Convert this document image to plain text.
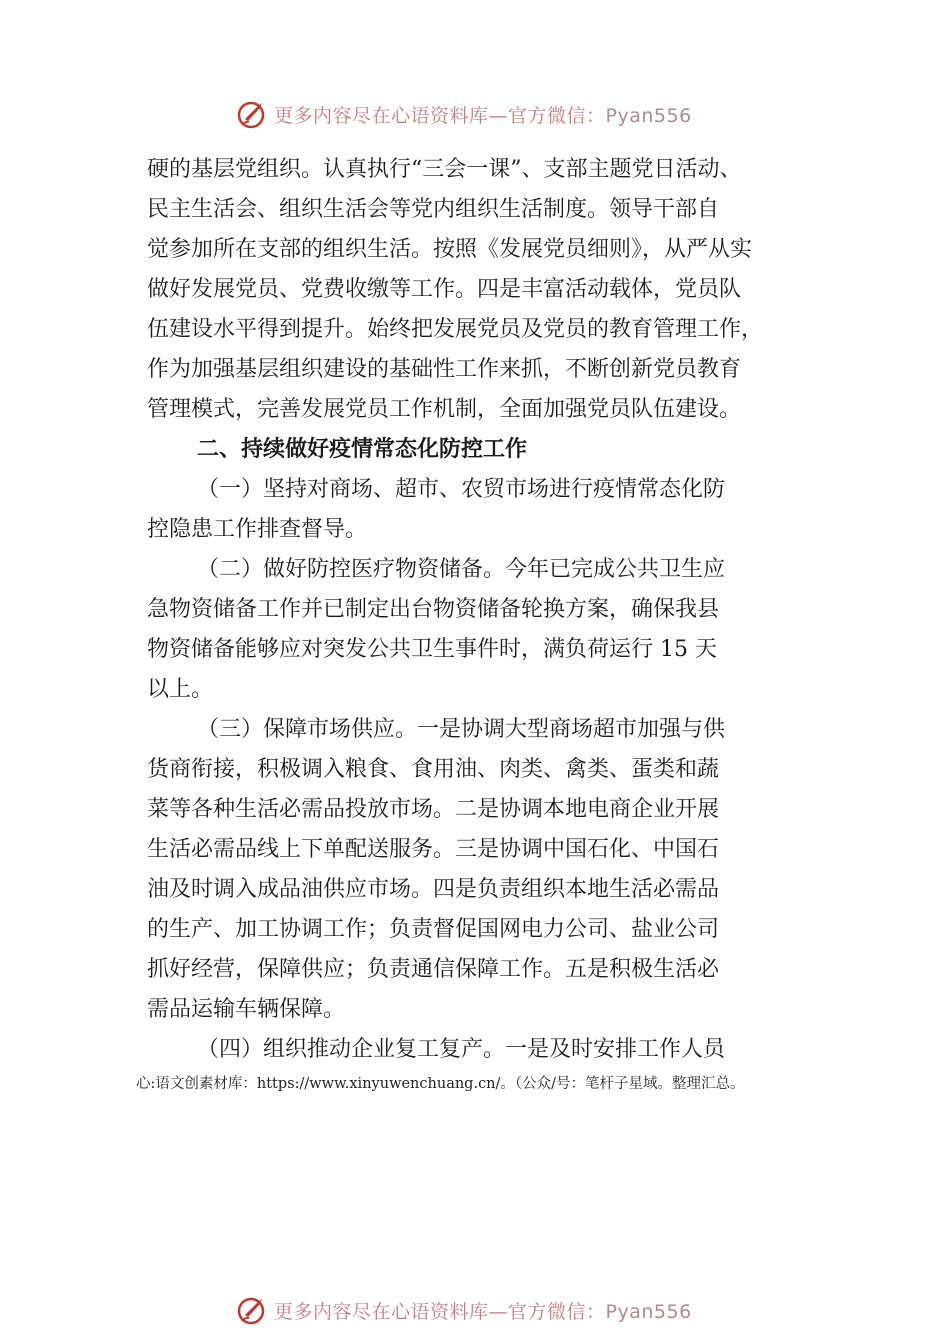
更多内容尽在心语资料库—官方微信：Pyan556
硬的基层党组织。认真执行“三会一课”、支部主题党日活动、
民主生活会、组织生活会等党内组织生活制度。领导干部自
觉参加所在支部的组织生活。按照《发展党员细则》，从严从实
做好发展党员、党费收缴等工作。四是丰富活动载体，党员队
伍建设水平得到提升。始终把发展党员及党员的教育管理工作，
作为加强基层组织建设的基础性工作来抓，不断创新党员教育
管理模式，完善发展党员工作机制，全面加强党员队伍建设。
二、持续做好疫情常态化防控工作
（一）坚持对商场、超市、农贸市场进行疫情常态化防
控隐患工作排查督导。
（二）做好防控医疗物资储备。今年已完成公共卫生应
急物资储备工作并已制定出台物资储备轮换方案，确保我县
物资储备能够应对突发公共卫生事件时，满负荷运行 15 天
以上。
（三）保障市场供应。一是协调大型商场超市加强与供
货商衔接，积极调入粮食、食用油、肉类、禽类、蛋类和蔬
菜等各种生活必需品投放市场。二是协调本地电商企业开展
生活必需品线上下单配送服务。三是协调中国石化、中国石
油及时调入成品油供应市场。四是负责组织本地生活必需品
的生产、加工协调工作；负责督促国网电力公司、盐业公司
抓好经营，保障供应；负责通信保障工作。五是积极生活必
需品运输车辆保障。
（四）组织推动企业复工复产。一是及时安排工作人员
心:语文创素材库：https://www.xinyuwenchuang.cn/。（公众/号：笔杆子星域。整理汇总。
更多内容尽在心语资料库—官方微信：Pyan556
